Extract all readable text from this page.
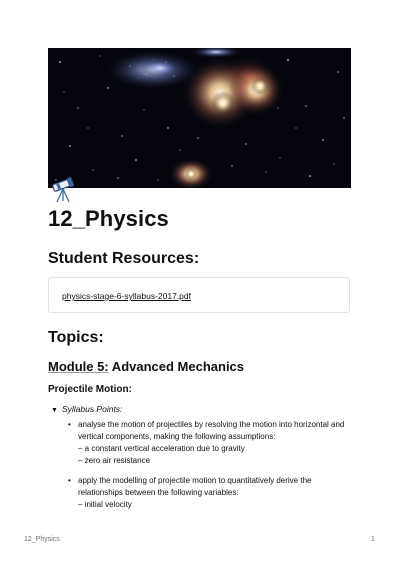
12_Physics
Student Resources:
physics-stage-6-syllabus-2017.pdf
Topics:
Module 5: Advanced Mechanics
Projectile Motion:
▼ Syllabus Points:
• analyse the motion of projectiles by resolving the motion into horizontal and vertical components, making the following assumptions:
– a constant vertical acceleration due to gravity
– zero air resistance
• apply the modelling of projectile motion to quantitatively derive the relationships between the following variables:
– initial velocity
12_Physics	1
